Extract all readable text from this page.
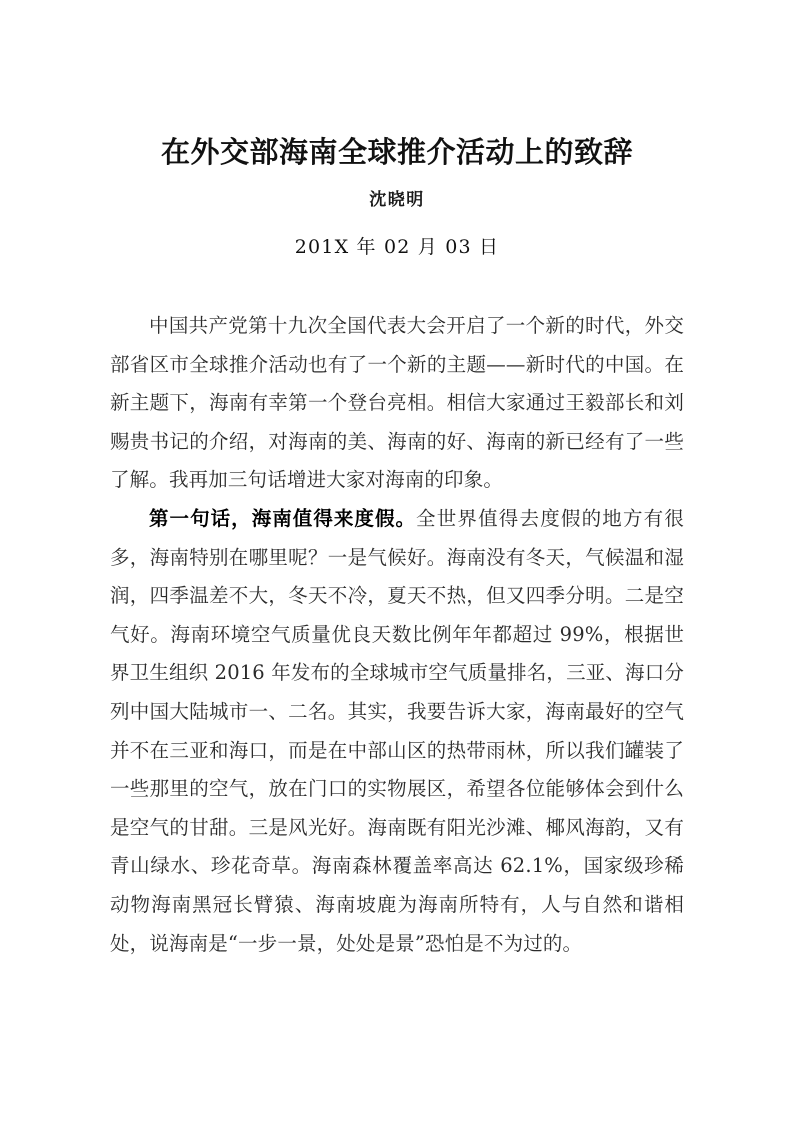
在外交部海南全球推介活动上的致辞
沈晓明
201X 年 02 月 03 日

中国共产党第十九次全国代表大会开启了一个新的时代，外交部省区市全球推介活动也有了一个新的主题——新时代的中国。在新主题下，海南有幸第一个登台亮相。相信大家通过王毅部长和刘赐贵书记的介绍，对海南的美、海南的好、海南的新已经有了一些了解。我再加三句话增进大家对海南的印象。

第一句话，海南值得来度假。全世界值得去度假的地方有很多，海南特别在哪里呢？一是气候好。海南没有冬天，气候温和湿润，四季温差不大，冬天不冷，夏天不热，但又四季分明。二是空气好。海南环境空气质量优良天数比例年年都超过 99%，根据世界卫生组织 2016 年发布的全球城市空气质量排名，三亚、海口分列中国大陆城市一、二名。其实，我要告诉大家，海南最好的空气并不在三亚和海口，而是在中部山区的热带雨林，所以我们罐装了一些那里的空气，放在门口的实物展区，希望各位能够体会到什么是空气的甘甜。三是风光好。海南既有阳光沙滩、椰风海韵，又有青山绿水、珍花奇草。海南森林覆盖率高达 62.1%，国家级珍稀动物海南黑冠长臂猿、海南坡鹿为海南所特有，人与自然和谐相处，说海南是“一步一景，处处是景”恐怕是不为过的。
